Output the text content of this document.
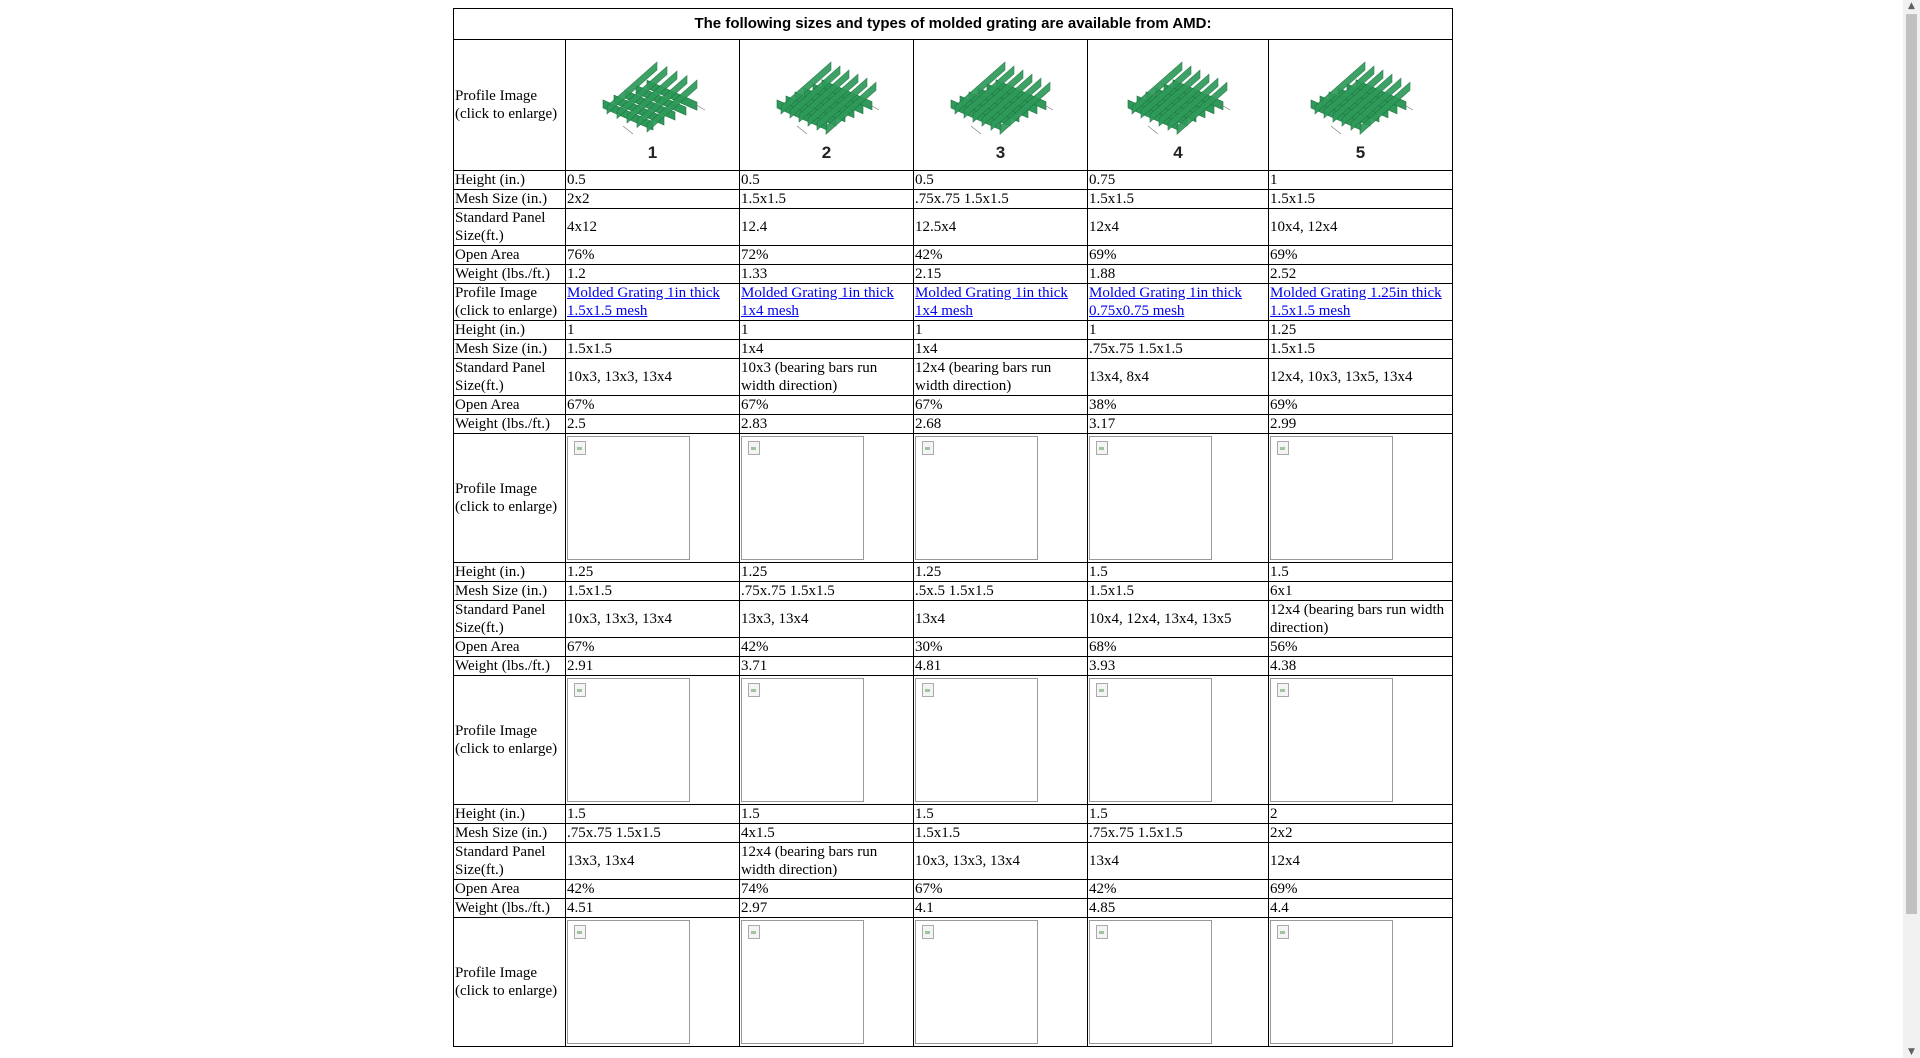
The following sizes and types of molded grating are available from AMD:					
Profile Image (click to enlarge)	1	2	3	4	5

Height (in.)	0.5	0.5	0.5	0.75	1
Mesh Size (in.)	2x2	1.5x1.5	.75x.75 1.5x1.5	1.5x1.5	1.5x1.5
Standard Panel Size(ft.)	4x12	12.4	12.5x4	12x4	10x4, 12x4
Open Area	76%	72%	42%	69%	69%
Weight (lbs./ft.)	1.2	1.33	2.15	1.88	2.52
Profile Image (click to enlarge)	Molded Grating 1in thick 1.5x1.5 mesh	Molded Grating 1in thick 1x4 mesh	Molded Grating 1in thick 1x4 mesh	Molded Grating 1in thick 0.75x0.75 mesh	Molded Grating 1.25in thick 1.5x1.5 mesh
Height (in.)	1	1	1	1	1.25
Mesh Size (in.)	1.5x1.5	1x4	1x4	.75x.75 1.5x1.5	1.5x1.5
Standard Panel Size(ft.)	10x3, 13x3, 13x4	10x3 (bearing bars run width direction)	12x4 (bearing bars run width direction)	13x4, 8x4	12x4, 10x3, 13x5, 13x4
Open Area	67%	67%	67%	38%	69%
Weight (lbs./ft.)	2.5	2.83	2.68	3.17	2.99
Profile Image (click to enlarge)	

Height (in.)	1.25	1.25	1.25	1.5	1.5
Mesh Size (in.)	1.5x1.5	.75x.75 1.5x1.5	.5x.5 1.5x1.5	1.5x1.5	6x1
Standard Panel Size(ft.)	10x3, 13x3, 13x4	13x3, 13x4	13x4	10x4, 12x4, 13x4, 13x5	12x4 (bearing bars run width direction)
Open Area	67%	42%	30%	68%	56%
Weight (lbs./ft.)	2.91	3.71	4.81	3.93	4.38
Profile Image (click to enlarge)	

Height (in.)	1.5	1.5	1.5	1.5	2
Mesh Size (in.)	.75x.75 1.5x1.5	4x1.5	1.5x1.5	.75x.75 1.5x1.5	2x2
Standard Panel Size(ft.)	13x3, 13x4	12x4 (bearing bars run width direction)	10x3, 13x3, 13x4	13x4	12x4
Open Area	42%	74%	67%	42%	69%
Weight (lbs./ft.)	4.51	2.97	4.1	4.85	4.4
Profile Image (click to enlarge)	

▲
▼
